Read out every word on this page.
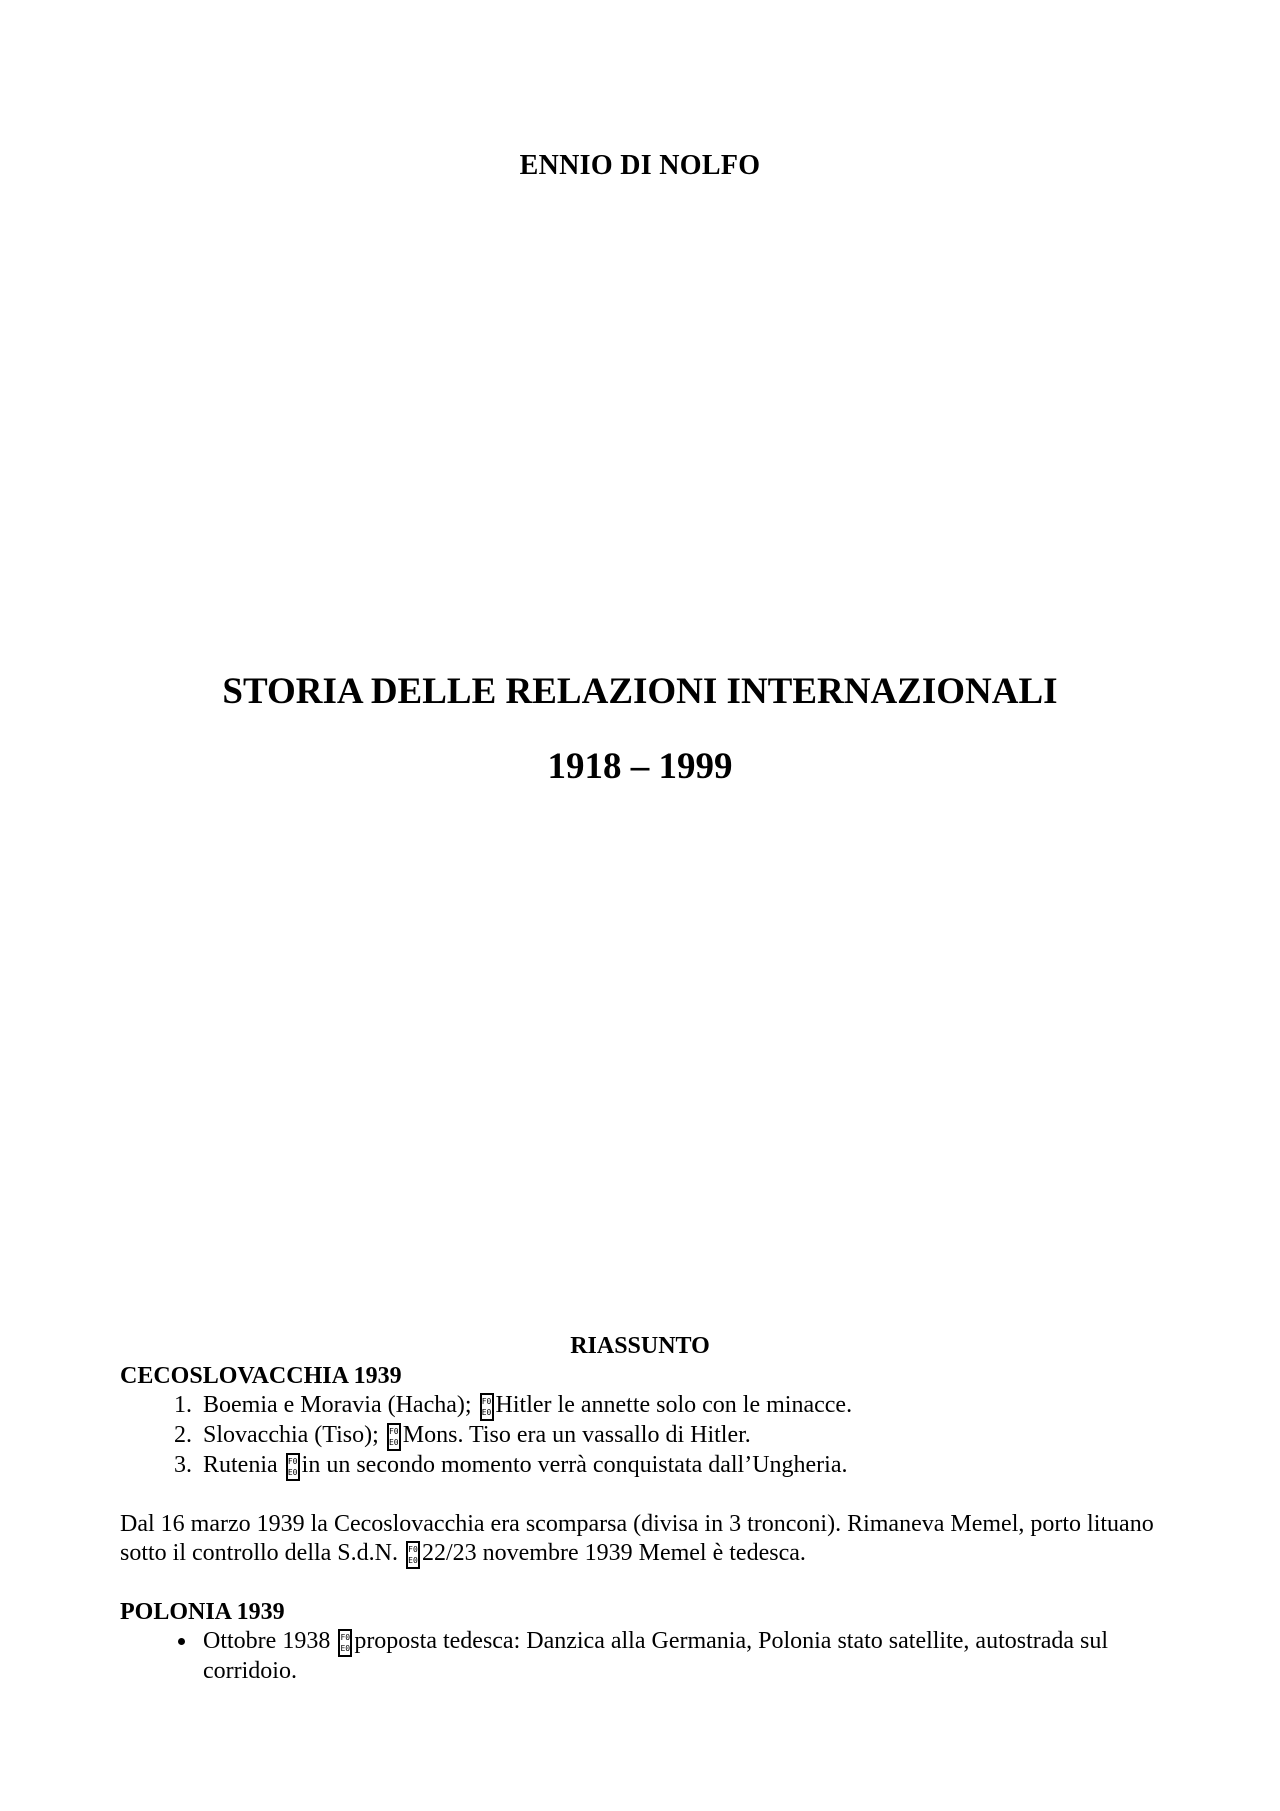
ENNIO DI NOLFO
STORIA DELLE RELAZIONI INTERNAZIONALI
1918 – 1999
RIASSUNTO

CECOSLOVACCHIA 1939

1. Boemia e Moravia (Hacha); F0
E0 Hitler le annette solo con le minacce.
2. Slovacchia (Tiso); F0
E0 Mons. Tiso era un vassallo di Hitler.
3. Rutenia F0
E0 in un secondo momento verrà conquistata dall’Ungheria.

Dal 16 marzo 1939 la Cecoslovacchia era scomparsa (divisa in 3 tronconi). Rimaneva Memel, porto lituano sotto il controllo della S.d.N. F0
E0 22/23 novembre 1939 Memel è tedesca.

POLONIA 1939

• Ottobre 1938 F0
E0 proposta tedesca: Danzica alla Germania, Polonia stato satellite, autostrada sul corridoio.
